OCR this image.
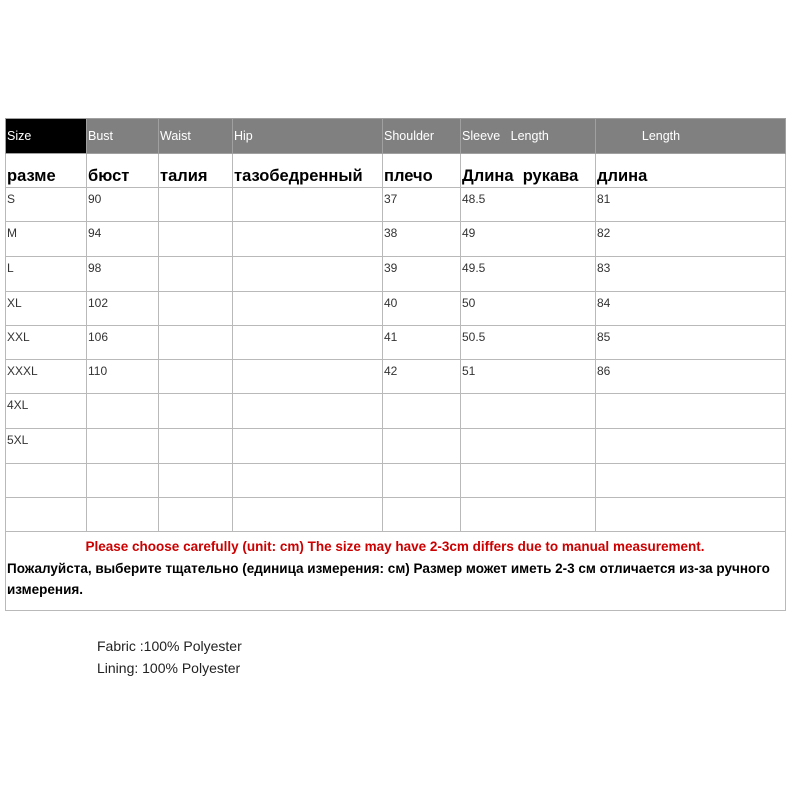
Size	Bust	Waist	Hip	Shoulder	Sleeve   Length	Length
разме	бюст	талия	тазобедренный	плечо	Длина  рукава	длина
S	90			37	48.5	81
M	94			38	49	82
L	98			39	49.5	83
XL	102			40	50	84
XXL	106			41	50.5	85
XXXL	110			42	51	86
4XL						
5XL						

Please choose carefully (unit: cm) The size may have 2-3cm differs due to manual measurement.
Пожалуйста, выберите тщательно (единица измерения: см) Размер может иметь 2-3 см отличается из-за ручного измерения.						
Fabric :100% Polyester
Lining: 100% Polyester
